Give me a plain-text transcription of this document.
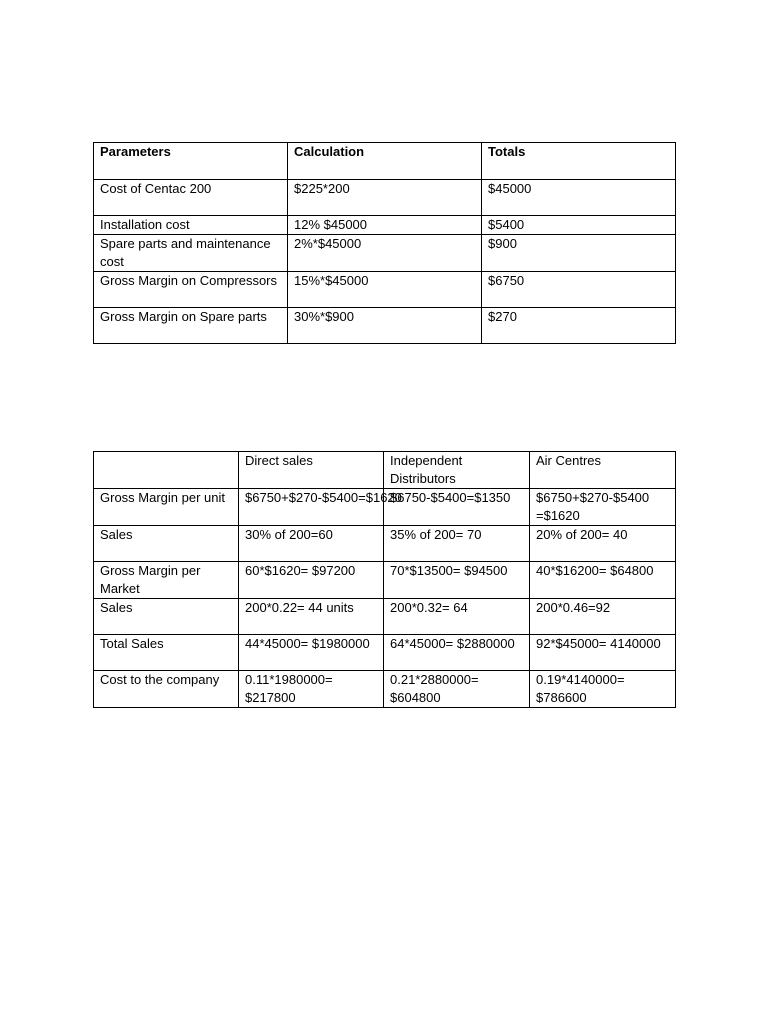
Parameters	Calculation	Totals
Cost of Centac 200	$225*200	$45000
Installation cost	12% $45000	$5400
Spare parts and maintenance cost	2%*$45000	$900
Gross Margin on Compressors	15%*$45000	$6750
Gross Margin on Spare parts	30%*$900	$270
	Direct sales	Independent Distributors	Air Centres
Gross Margin per unit	$6750+$270-$5400=$1620	$6750-$5400=$1350	$6750+$270-$5400 =$1620
Sales	30% of 200=60	35% of 200= 70	20% of 200= 40
Gross Margin per Market	60*$1620= $97200	70*$13500= $94500	40*$16200= $64800
Sales	200*0.22= 44 units	200*0.32= 64	200*0.46=92
Total Sales	44*45000= $1980000	64*45000= $2880000	92*$45000= 4140000
Cost to the company	0.11*1980000= $217800	0.21*2880000= $604800	0.19*4140000= $786600
